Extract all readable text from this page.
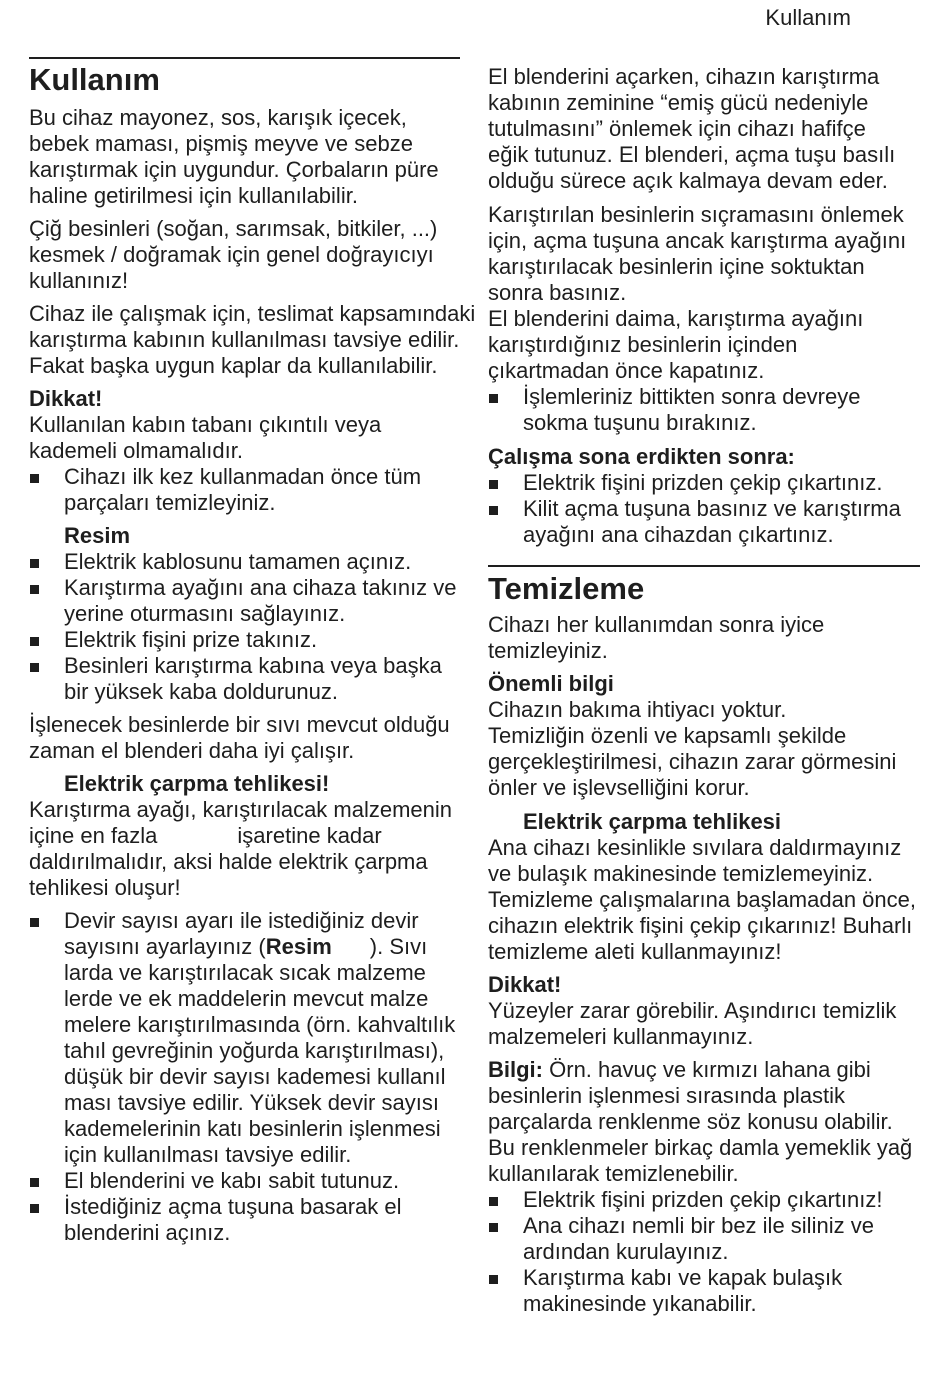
Kullanım
Kullanım
Bu cihaz mayonez, sos, karışık içecek,
bebek maması, pişmiş meyve ve sebze
karıştırmak için uygundur. Çorbaların püre
haline getirilmesi için kullanılabilir.
Çiğ besinleri (soğan, sarımsak, bitkiler, ...)
kesmek / doğramak için genel doğrayıcıyı
kullanınız!
Cihaz ile çalışmak için, teslimat kapsamındaki
karıştırma kabının kullanılması tavsiye edilir.
Fakat başka uygun kaplar da kullanılabilir.
Dikkat!
Kullanılan kabın tabanı çıkıntılı veya
kademeli olmamalıdır.
Cihazı ilk kez kullanmadan önce tüm
parçaları temizleyiniz.
Resim
Elektrik kablosunu tamamen açınız.
Karıştırma ayağını ana cihaza takınız ve
yerine oturmasını sağlayınız.
Elektrik fişini prize takınız.
Besinleri karıştırma kabına veya başka
bir yüksek kaba doldurunuz.
İşlenecek besinlerde bir sıvı mevcut olduğu
zaman el blenderi daha iyi çalışır.
Elektrik çarpma tehlikesi!
Karıştırma ayağı, karıştırılacak malzemenin
içine en fazla	işaretine kadar
daldırılmalıdır, aksi halde elektrik çarpma
tehlikesi oluşur!
Devir sayısı ayarı ile istediğiniz devir
sayısını ayarlayınız (Resim ). Sıvı
larda ve karıştırılacak sıcak malzeme
lerde ve ek maddelerin mevcut malze
melere karıştırılmasında (örn. kahvaltılık
tahıl gevreğinin yoğurda karıştırılması),
düşük bir devir sayısı kademesi kullanıl
ması tavsiye edilir. Yüksek devir sayısı
kademelerinin katı besinlerin işlenmesi
için kullanılması tavsiye edilir.
El blenderini ve kabı sabit tutunuz.
İstediğiniz açma tuşuna basarak el
blenderini açınız.
El blenderini açarken, cihazın karıştırma
kabının zeminine “emiş gücü nedeniyle
tutulmasını” önlemek için cihazı hafifçe
eğik tutunuz. El blenderi, açma tuşu basılı
olduğu sürece açık kalmaya devam eder.
Karıştırılan besinlerin sıçramasını önlemek
için, açma tuşuna ancak karıştırma ayağını
karıştırılacak besinlerin içine soktuktan
sonra basınız.
El blenderini daima, karıştırma ayağını
karıştırdığınız besinlerin içinden
çıkartmadan önce kapatınız.
İşlemleriniz bittikten sonra devreye
sokma tuşunu bırakınız.
Çalışma sona erdikten sonra:
Elektrik fişini prizden çekip çıkartınız.
Kilit açma tuşuna basınız ve karıştırma
ayağını ana cihazdan çıkartınız.
Temizleme
Cihazı her kullanımdan sonra iyice
temizleyiniz.
Önemli bilgi
Cihazın bakıma ihtiyacı yoktur.
Temizliğin özenli ve kapsamlı şekilde
gerçekleştirilmesi, cihazın zarar görmesini
önler ve işlevselliğini korur.
Elektrik çarpma tehlikesi
Ana cihazı kesinlikle sıvılara daldırmayınız
ve bulaşık makinesinde temizlemeyiniz.
Temizleme çalışmalarına başlamadan önce,
cihazın elektrik fişini çekip çıkarınız! Buharlı
temizleme aleti kullanmayınız!
Dikkat!
Yüzeyler zarar görebilir. Aşındırıcı temizlik
malzemeleri kullanmayınız.
Bilgi: Örn. havuç ve kırmızı lahana gibi
besinlerin işlenmesi sırasında plastik
parçalarda renklenme söz konusu olabilir.
Bu renklenmeler birkaç damla yemeklik yağ
kullanılarak temizlenebilir.
Elektrik fişini prizden çekip çıkartınız!
Ana cihazı nemli bir bez ile siliniz ve
ardından kurulayınız.
Karıştırma kabı ve kapak bulaşık
makinesinde yıkanabilir.
